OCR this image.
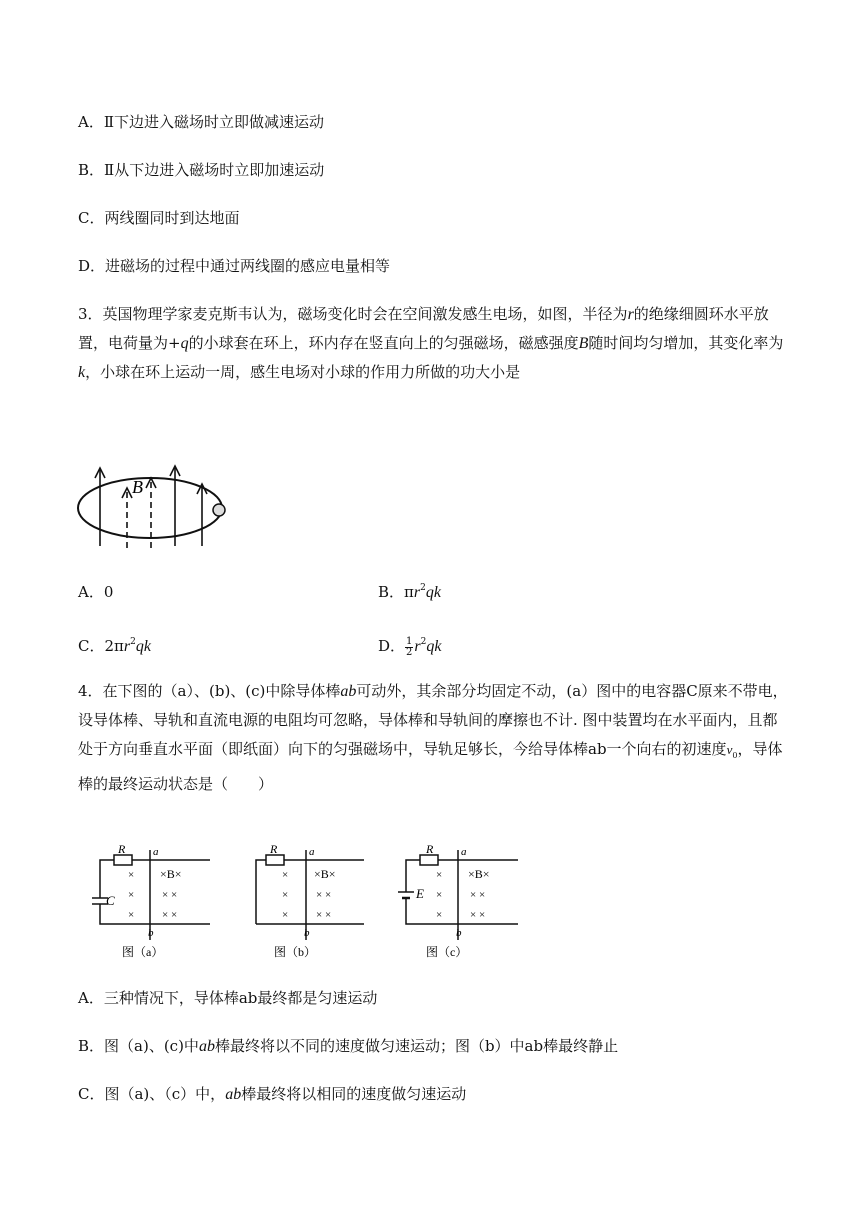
A．Ⅱ下边进入磁场时立即做减速运动
B．Ⅱ从下边进入磁场时立即加速运动
C．两线圈同时到达地面
D．进磁场的过程中通过两线圈的感应电量相等
3．英国物理学家麦克斯韦认为，磁场变化时会在空间激发感生电场，如图，半径为r的绝缘细圆环水平放置，电荷量为+q的小球套在环上，环内存在竖直向上的匀强磁场，磁感强度B随时间均匀增加，其变化率为k，小球在环上运动一周，感生电场对小球的作用力所做的功大小是
B
A．0	B．$\pi r^2qk$
C．$2\pi r^2qk$	D． $\frac{1}{2} r^2qk$
4．在下图的（a）、(b)、(c)中除导体棒ab可动外，其余部分均固定不动，(a）图中的电容器C原来不带电，设导体棒、导轨和直流电源的电阻均可忽略，导体棒和导轨间的摩擦也不计. 图中装置均在水平面内，且都处于方向垂直水平面（即纸面）向下的匀强磁场中，导轨足够长，今给导体棒ab一个向右的初速度$v_0$，导体棒的最终运动状态是（　　）
R	a
b
C
×
×
×
×B×
× ×
× ×
图（a）
R	a
b
×
×
×
×B×
× ×
× ×
图（b）
R	a
b
E
×
×
×
×B×
× ×
× ×
图（c）
A．三种情况下，导体棒ab最终都是匀速运动
B．图（a)、(c)中ab棒最终将以不同的速度做匀速运动；图（b）中ab棒最终静止
C．图（a)、（c）中，ab棒最终将以相同的速度做匀速运动
